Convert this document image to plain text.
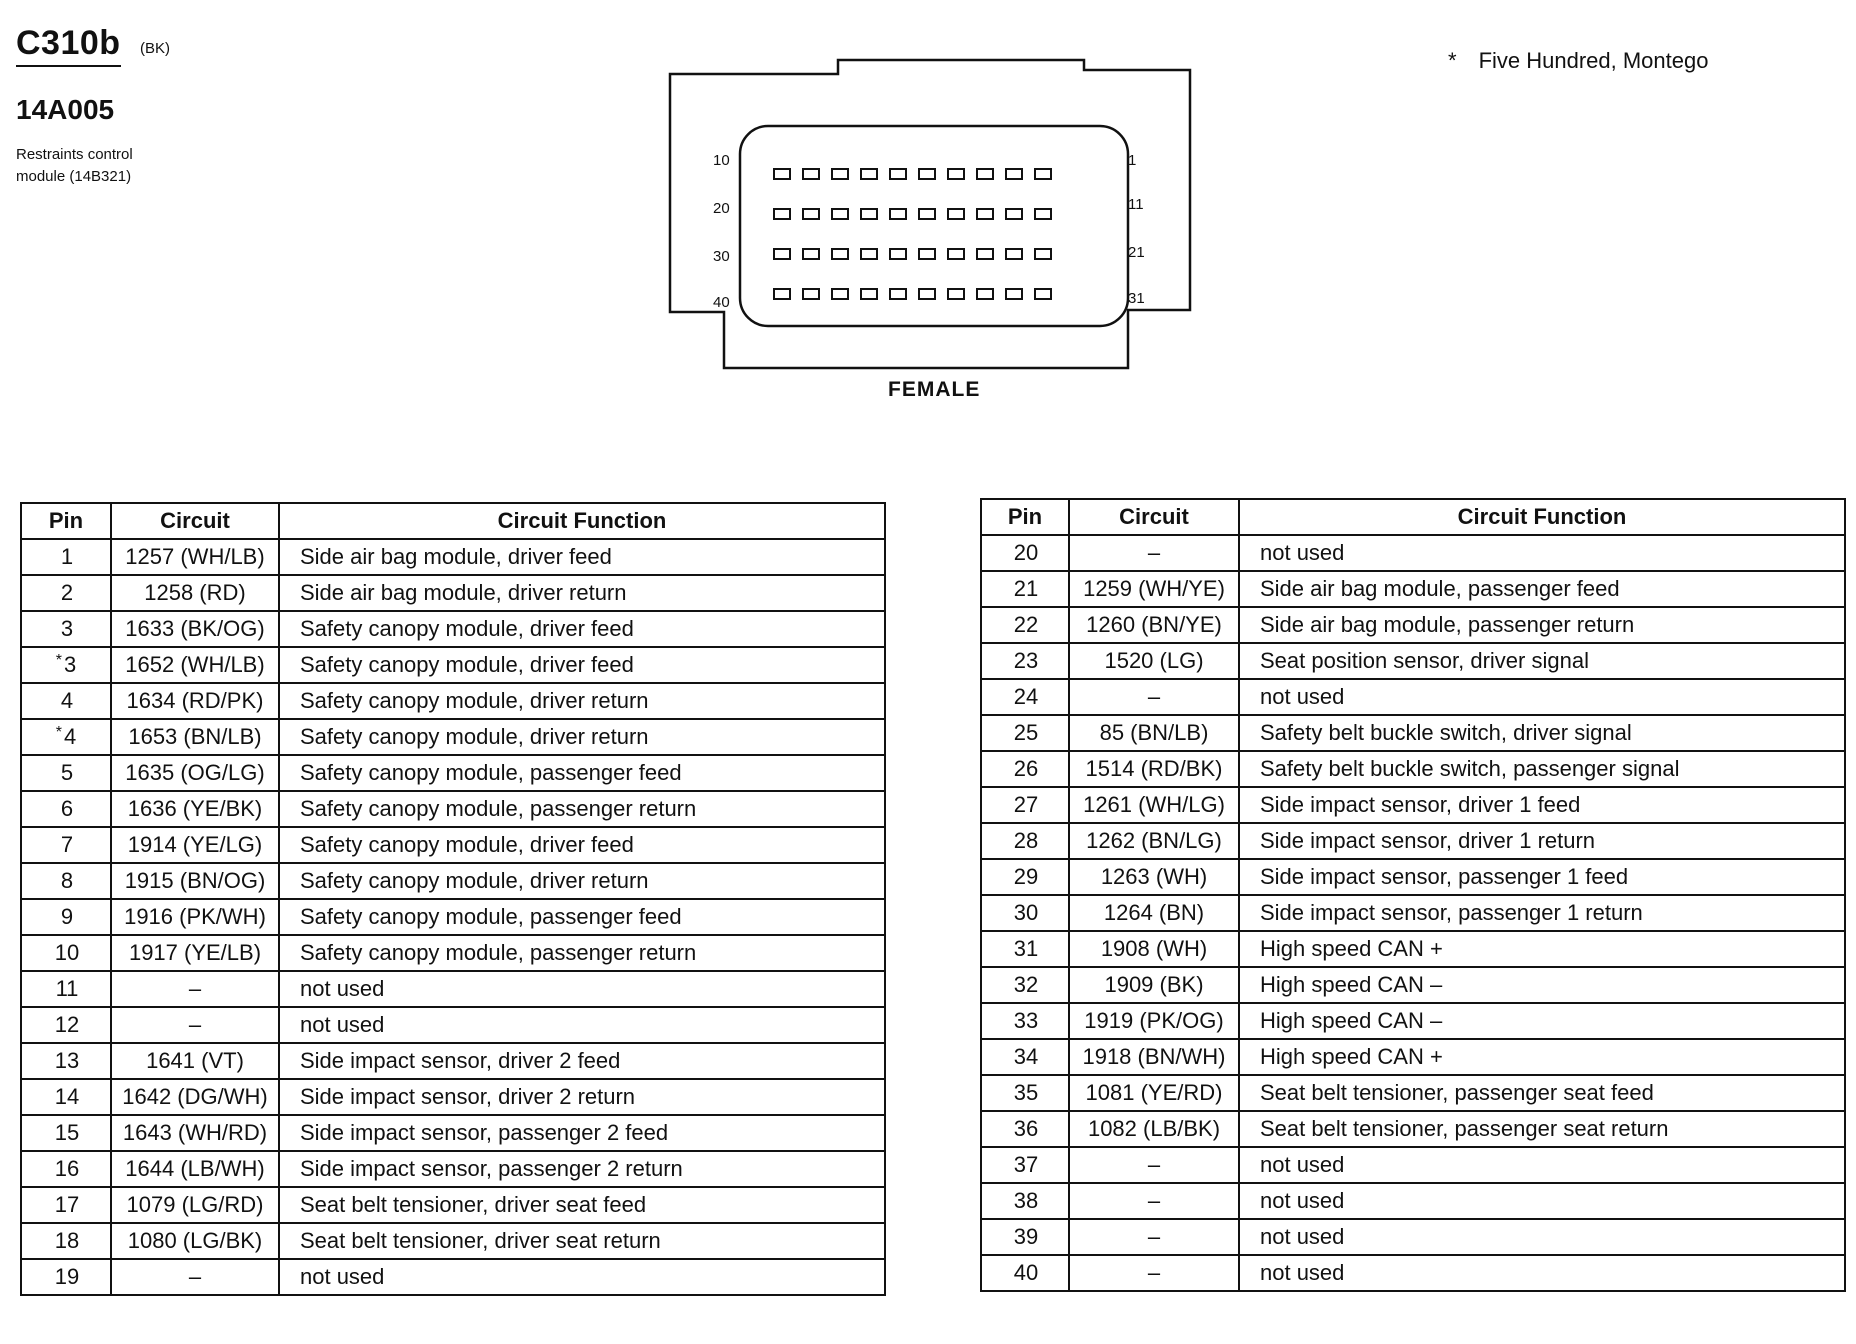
C310b (BK)
14A005
Restraints control
module (14B321)
* Five Hundred, Montego
10
20
30
40
1
11
21
31
FEMALE
Pin	Circuit	Circuit Function
1	1257 (WH/LB)	Side air bag module, driver feed
2	1258 (RD)	Side air bag module, driver return
3	1633 (BK/OG)	Safety canopy module, driver feed
*3	1652 (WH/LB)	Safety canopy module, driver feed
4	1634 (RD/PK)	Safety canopy module, driver return
*4	1653 (BN/LB)	Safety canopy module, driver return
5	1635 (OG/LG)	Safety canopy module, passenger feed
6	1636 (YE/BK)	Safety canopy module, passenger return
7	1914 (YE/LG)	Safety canopy module, driver feed
8	1915 (BN/OG)	Safety canopy module, driver return
9	1916 (PK/WH)	Safety canopy module, passenger feed
10	1917 (YE/LB)	Safety canopy module, passenger return
11	–	not used
12	–	not used
13	1641 (VT)	Side impact sensor, driver 2 feed
14	1642 (DG/WH)	Side impact sensor, driver 2 return
15	1643 (WH/RD)	Side impact sensor, passenger 2 feed
16	1644 (LB/WH)	Side impact sensor, passenger 2 return
17	1079 (LG/RD)	Seat belt tensioner, driver seat feed
18	1080 (LG/BK)	Seat belt tensioner, driver seat return
19	–	not used
Pin	Circuit	Circuit Function
20	–	not used
21	1259 (WH/YE)	Side air bag module, passenger feed
22	1260 (BN/YE)	Side air bag module, passenger return
23	1520 (LG)	Seat position sensor, driver signal
24	–	not used
25	85 (BN/LB)	Safety belt buckle switch, driver signal
26	1514 (RD/BK)	Safety belt buckle switch, passenger signal
27	1261 (WH/LG)	Side impact sensor, driver 1 feed
28	1262 (BN/LG)	Side impact sensor, driver 1 return
29	1263 (WH)	Side impact sensor, passenger 1 feed
30	1264 (BN)	Side impact sensor, passenger 1 return
31	1908 (WH)	High speed CAN +
32	1909 (BK)	High speed CAN –
33	1919 (PK/OG)	High speed CAN –
34	1918 (BN/WH)	High speed CAN +
35	1081 (YE/RD)	Seat belt tensioner, passenger seat feed
36	1082 (LB/BK)	Seat belt tensioner, passenger seat return
37	–	not used
38	–	not used
39	–	not used
40	–	not used
